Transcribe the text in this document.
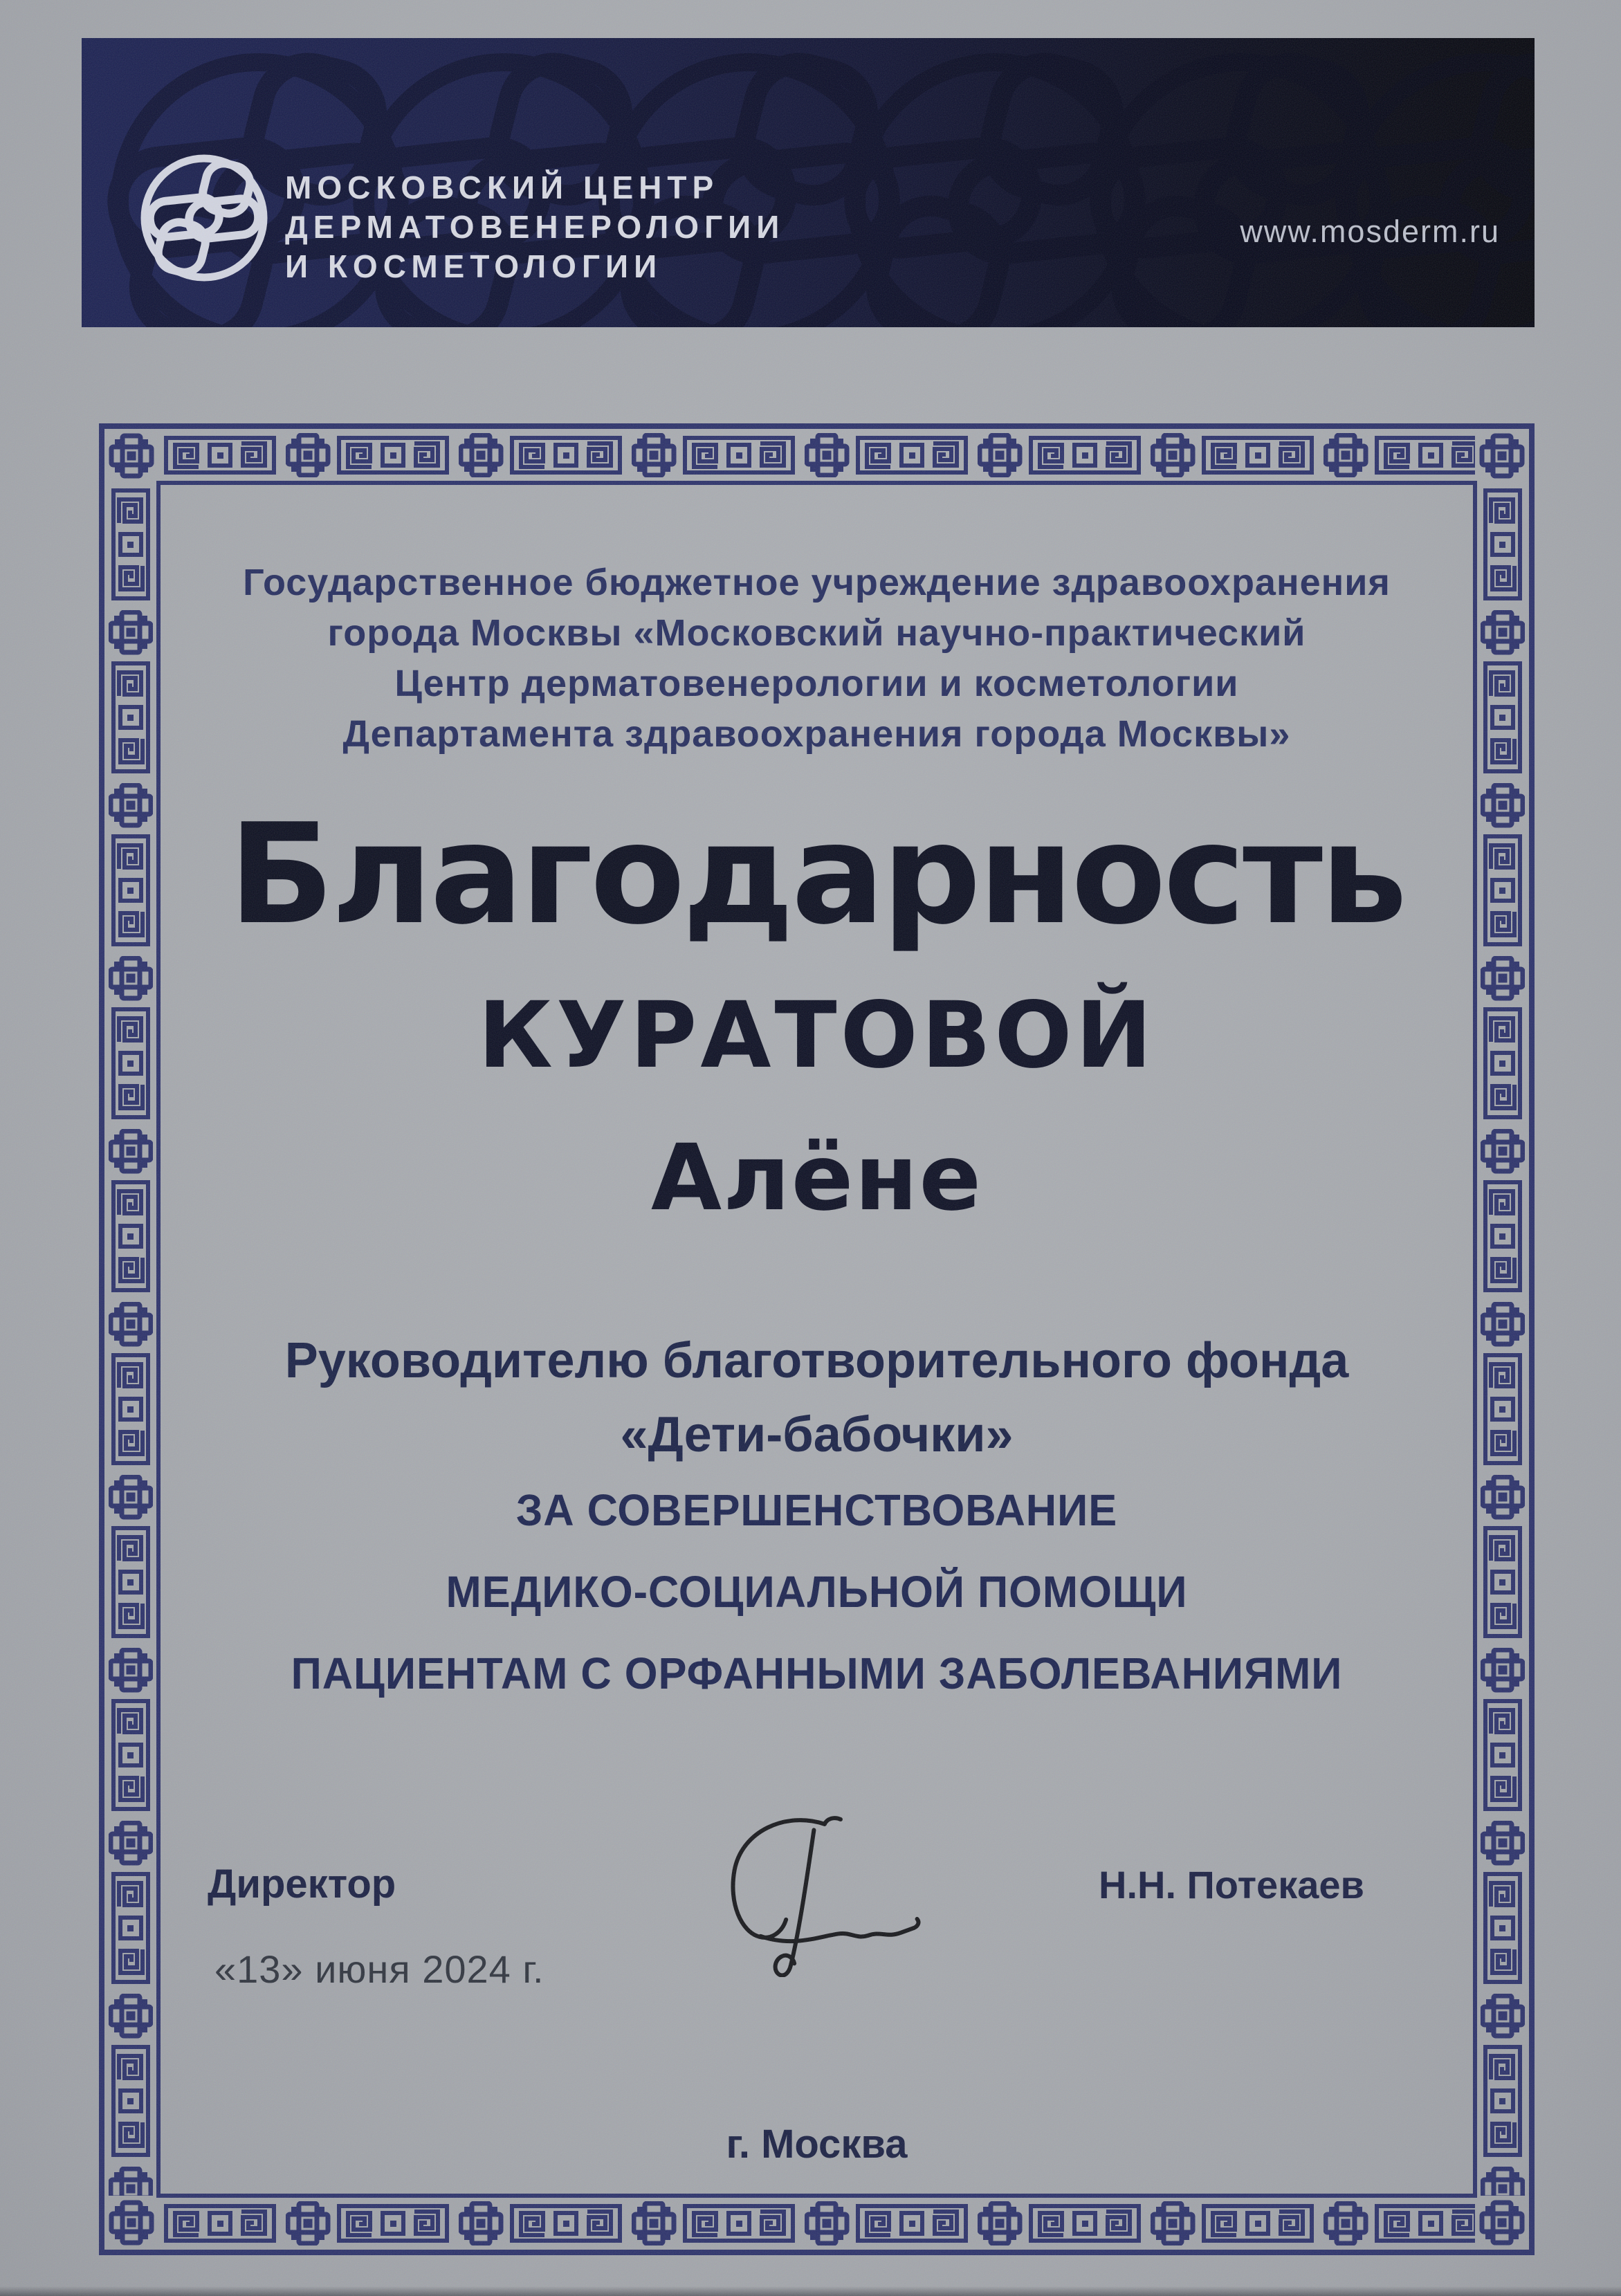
МОСКОВСКИЙ ЦЕНТР
ДЕРМАТОВЕНЕРОЛОГИИ
И КОСМЕТОЛОГИИ
www.mosderm.ru
Государственное бюджетное учреждение здравоохранения
города Москвы «Московский научно-практический
Центр дерматовенерологии и косметологии
Департамента здравоохранения города Москвы»
Благодарность
КУРАТОВОЙ
Алёне
Руководителю благотворительного фонда
«Дети-бабочки»
ЗА СОВЕРШЕНСТВОВАНИЕ
МЕДИКО-СОЦИАЛЬНОЙ ПОМОЩИ
ПАЦИЕНТАМ С ОРФАННЫМИ ЗАБОЛЕВАНИЯМИ
Директор	Н.Н. Потекаев
«13» июня 2024 г.
г. Москва
